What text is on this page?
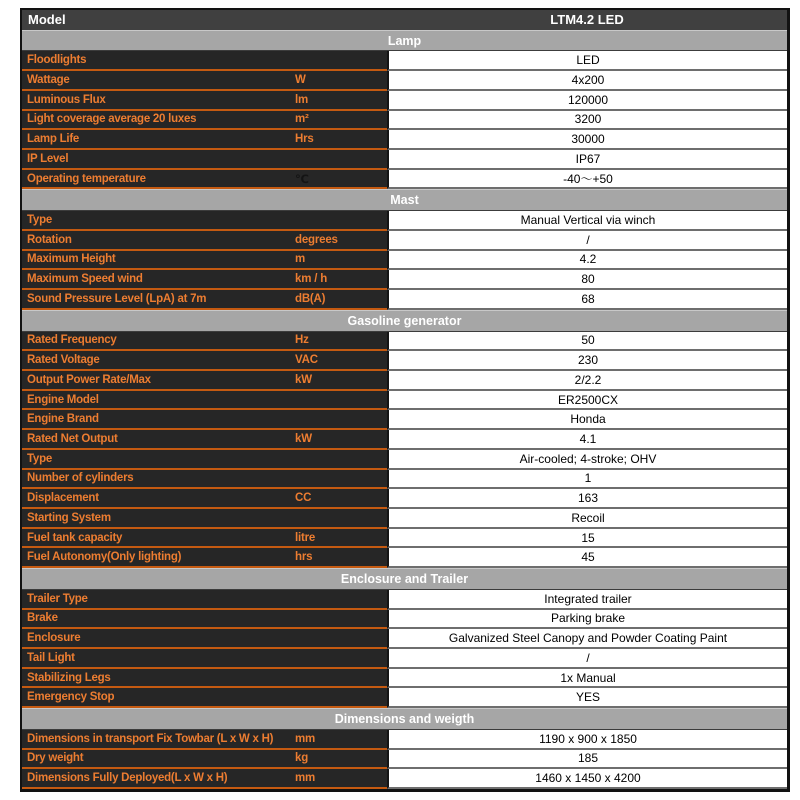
Model	LTM4.2 LED
Lamp
Floodlights	LED
Wattage	W	4x200
Luminous Flux	lm	120000
Light coverage average 20 luxes	m²	3200
Lamp Life	Hrs	30000
IP Level	IP67
Operating temperature	℃	-40～+50
Mast
Type	Manual Vertical via winch
Rotation	degrees	/
Maximum Height	m	4.2
Maximum Speed wind	km / h	80
Sound Pressure Level (LpA) at 7m	dB(A)	68
Gasoline generator
Rated Frequency	Hz	50
Rated Voltage	VAC	230
Output Power Rate/Max	kW	2/2.2
Engine Model	ER2500CX
Engine Brand	Honda
Rated Net Output	kW	4.1
Type	Air-cooled; 4-stroke; OHV
Number of cylinders	1
Displacement	CC	163
Starting System	Recoil
Fuel tank capacity	litre	15
Fuel Autonomy(Only lighting)	hrs	45
Enclosure and Trailer
Trailer Type	Integrated trailer
Brake	Parking brake
Enclosure	Galvanized Steel Canopy and Powder Coating Paint
Tail Light	/
Stabilizing Legs	1x Manual
Emergency Stop	YES
Dimensions and weigth
Dimensions in transport Fix Towbar (L x W x H)	mm	1190 x 900 x 1850
Dry weight	kg	185
Dimensions Fully Deployed(L x W x H)	mm	1460 x 1450 x 4200
